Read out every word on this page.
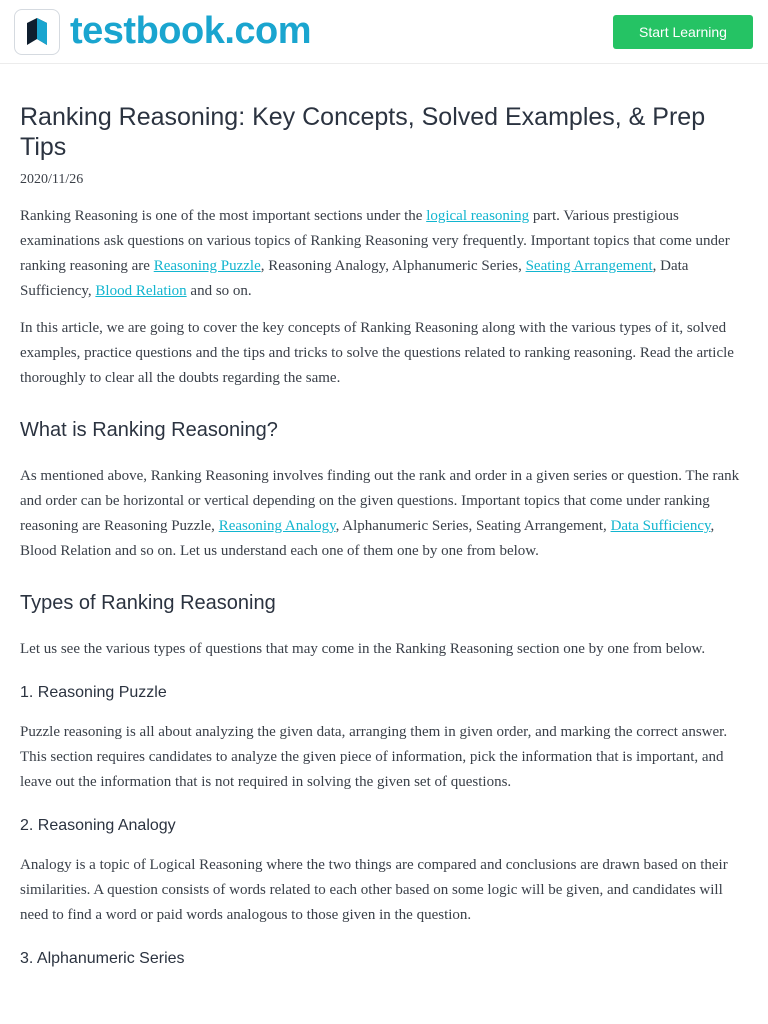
testbook.com	Start Learning
Ranking Reasoning: Key Concepts, Solved Examples, & Prep Tips
2020/11/26

Ranking Reasoning is one of the most important sections under the logical reasoning part. Various prestigious examinations ask questions on various topics of Ranking Reasoning very frequently. Important topics that come under ranking reasoning are Reasoning Puzzle, Reasoning Analogy, Alphanumeric Series, Seating Arrangement, Data Sufficiency, Blood Relation and so on.

In this article, we are going to cover the key concepts of Ranking Reasoning along with the various types of it, solved examples, practice questions and the tips and tricks to solve the questions related to ranking reasoning. Read the article thoroughly to clear all the doubts regarding the same.

What is Ranking Reasoning?

As mentioned above, Ranking Reasoning involves finding out the rank and order in a given series or question. The rank and order can be horizontal or vertical depending on the given questions. Important topics that come under ranking reasoning are Reasoning Puzzle, Reasoning Analogy, Alphanumeric Series, Seating Arrangement, Data Sufficiency, Blood Relation and so on. Let us understand each one of them one by one from below.

Types of Ranking Reasoning

Let us see the various types of questions that may come in the Ranking Reasoning section one by one from below.

1. Reasoning Puzzle

Puzzle reasoning is all about analyzing the given data, arranging them in given order, and marking the correct answer. This section requires candidates to analyze the given piece of information, pick the information that is important, and leave out the information that is not required in solving the given set of questions.

2. Reasoning Analogy

Analogy is a topic of Logical Reasoning where the two things are compared and conclusions are drawn based on their similarities. A question consists of words related to each other based on some logic will be given, and candidates will need to find a word or paid words analogous to those given in the question.

3. Alphanumeric Series
